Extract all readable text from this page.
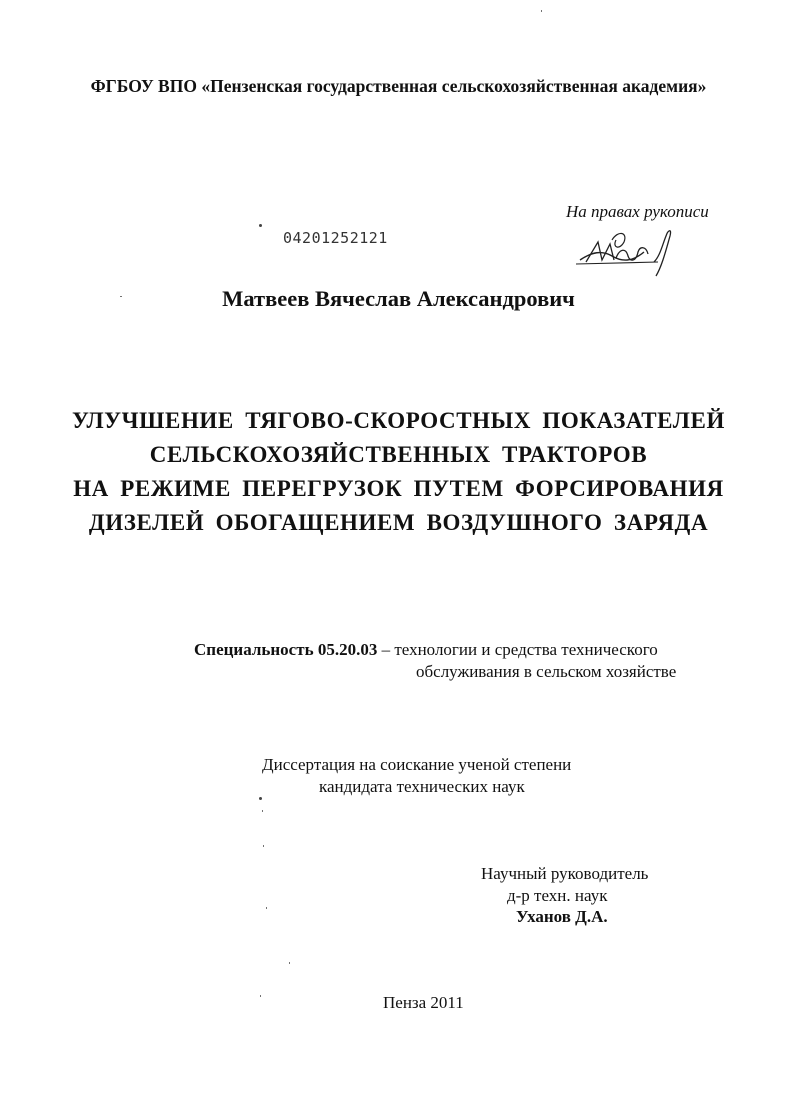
ФГБОУ ВПО «Пензенская государственная сельскохозяйственная академия»
На правах рукописи
04201252121
Матвеев Вячеслав Александрович
УЛУЧШЕНИЕ ТЯГОВО-СКОРОСТНЫХ ПОКАЗАТЕЛЕЙ
СЕЛЬСКОХОЗЯЙСТВЕННЫХ ТРАКТОРОВ
НА РЕЖИМЕ ПЕРЕГРУЗОК ПУТЕМ ФОРСИРОВАНИЯ
ДИЗЕЛЕЙ ОБОГАЩЕНИЕМ ВОЗДУШНОГО ЗАРЯДА
Специальность 05.20.03 – технологии и средства технического
обслуживания в сельском хозяйстве
Диссертация на соискание ученой степени
кандидата технических наук
Научный руководитель
д-р техн. наук
Уханов Д.А.
Пенза 2011
